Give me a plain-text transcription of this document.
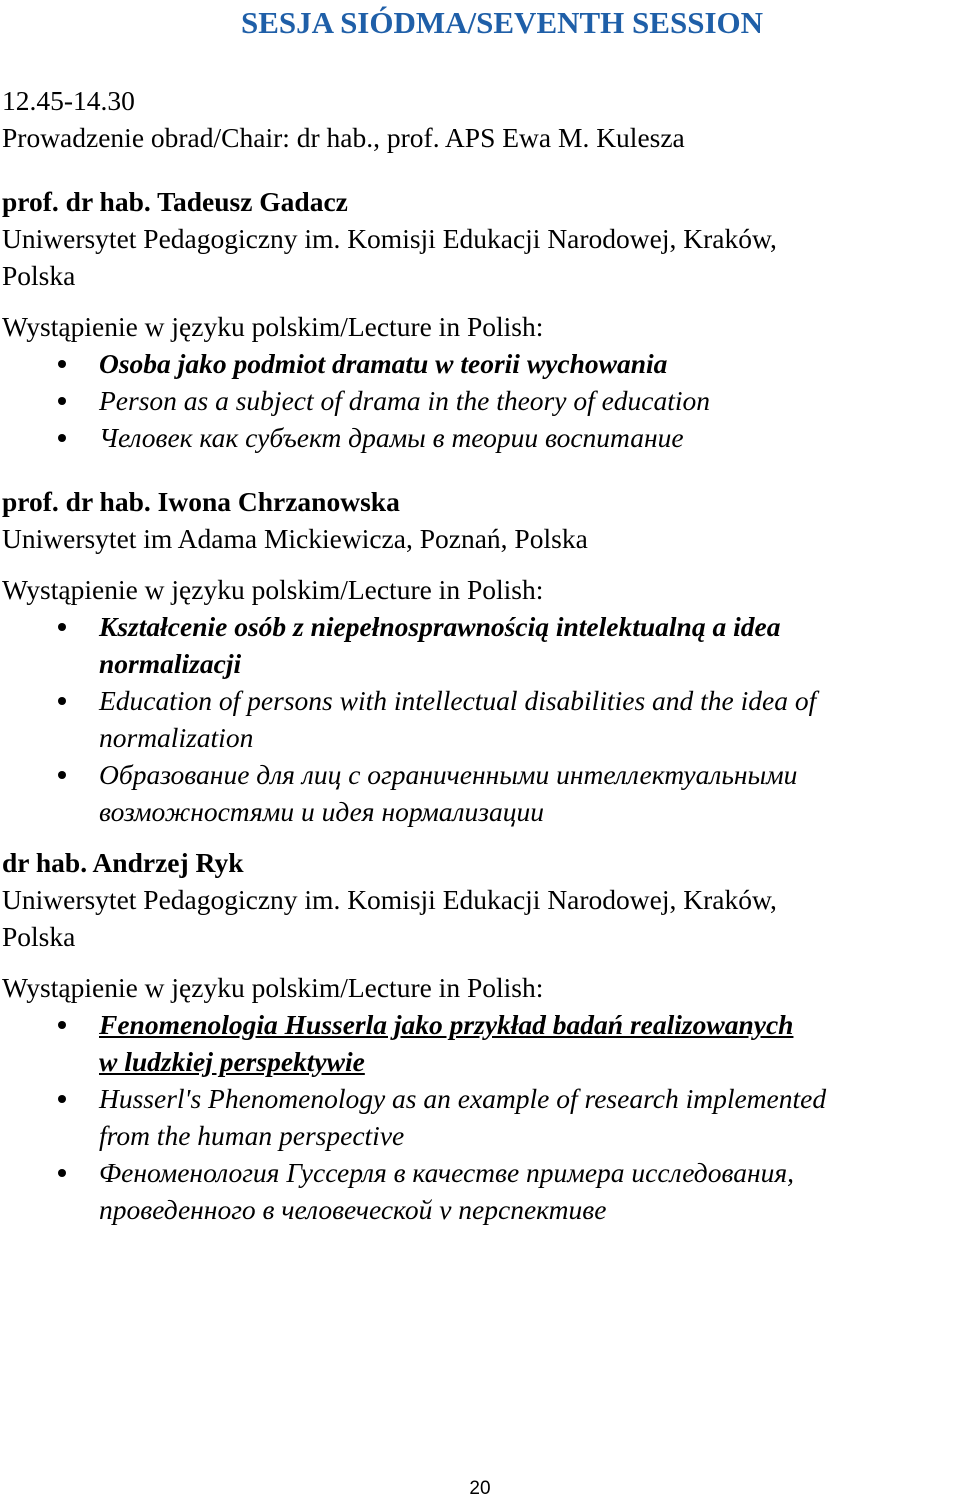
SESJA SIÓDMA/SEVENTH SESSION
12.45-14.30
Prowadzenie obrad/Chair: dr hab., prof. APS Ewa M. Kulesza
prof. dr hab. Tadeusz Gadacz
Uniwersytet Pedagogiczny im. Komisji Edukacji Narodowej, Kraków,
Polska
Wystąpienie w języku polskim/Lecture in Polish:
Osoba jako podmiot dramatu w teorii wychowania
Person as a subject of drama in the theory of education
Человек как субъект драмы в теории воспитание
prof. dr hab. Iwona Chrzanowska
Uniwersytet im Adama Mickiewicza, Poznań, Polska
Wystąpienie w języku polskim/Lecture in Polish:
Kształcenie osób z niepełnosprawnością intelektualną a idea
normalizacji
Education of persons with intellectual disabilities and the idea of
normalization
Образование для лиц с ограниченными интеллектуальными
возможностями и идея нормализации
dr hab. Andrzej Ryk
Uniwersytet Pedagogiczny im. Komisji Edukacji Narodowej, Kraków,
Polska
Wystąpienie w języku polskim/Lecture in Polish:
Fenomenologia Husserla jako przykład badań realizowanych
w ludzkiej perspektywie
Husserl's Phenomenology as an example of research implemented
from the human perspective
Феноменология Гуссерля в качестве примера исследования,
проведенного в человеческой v перспективе
20
